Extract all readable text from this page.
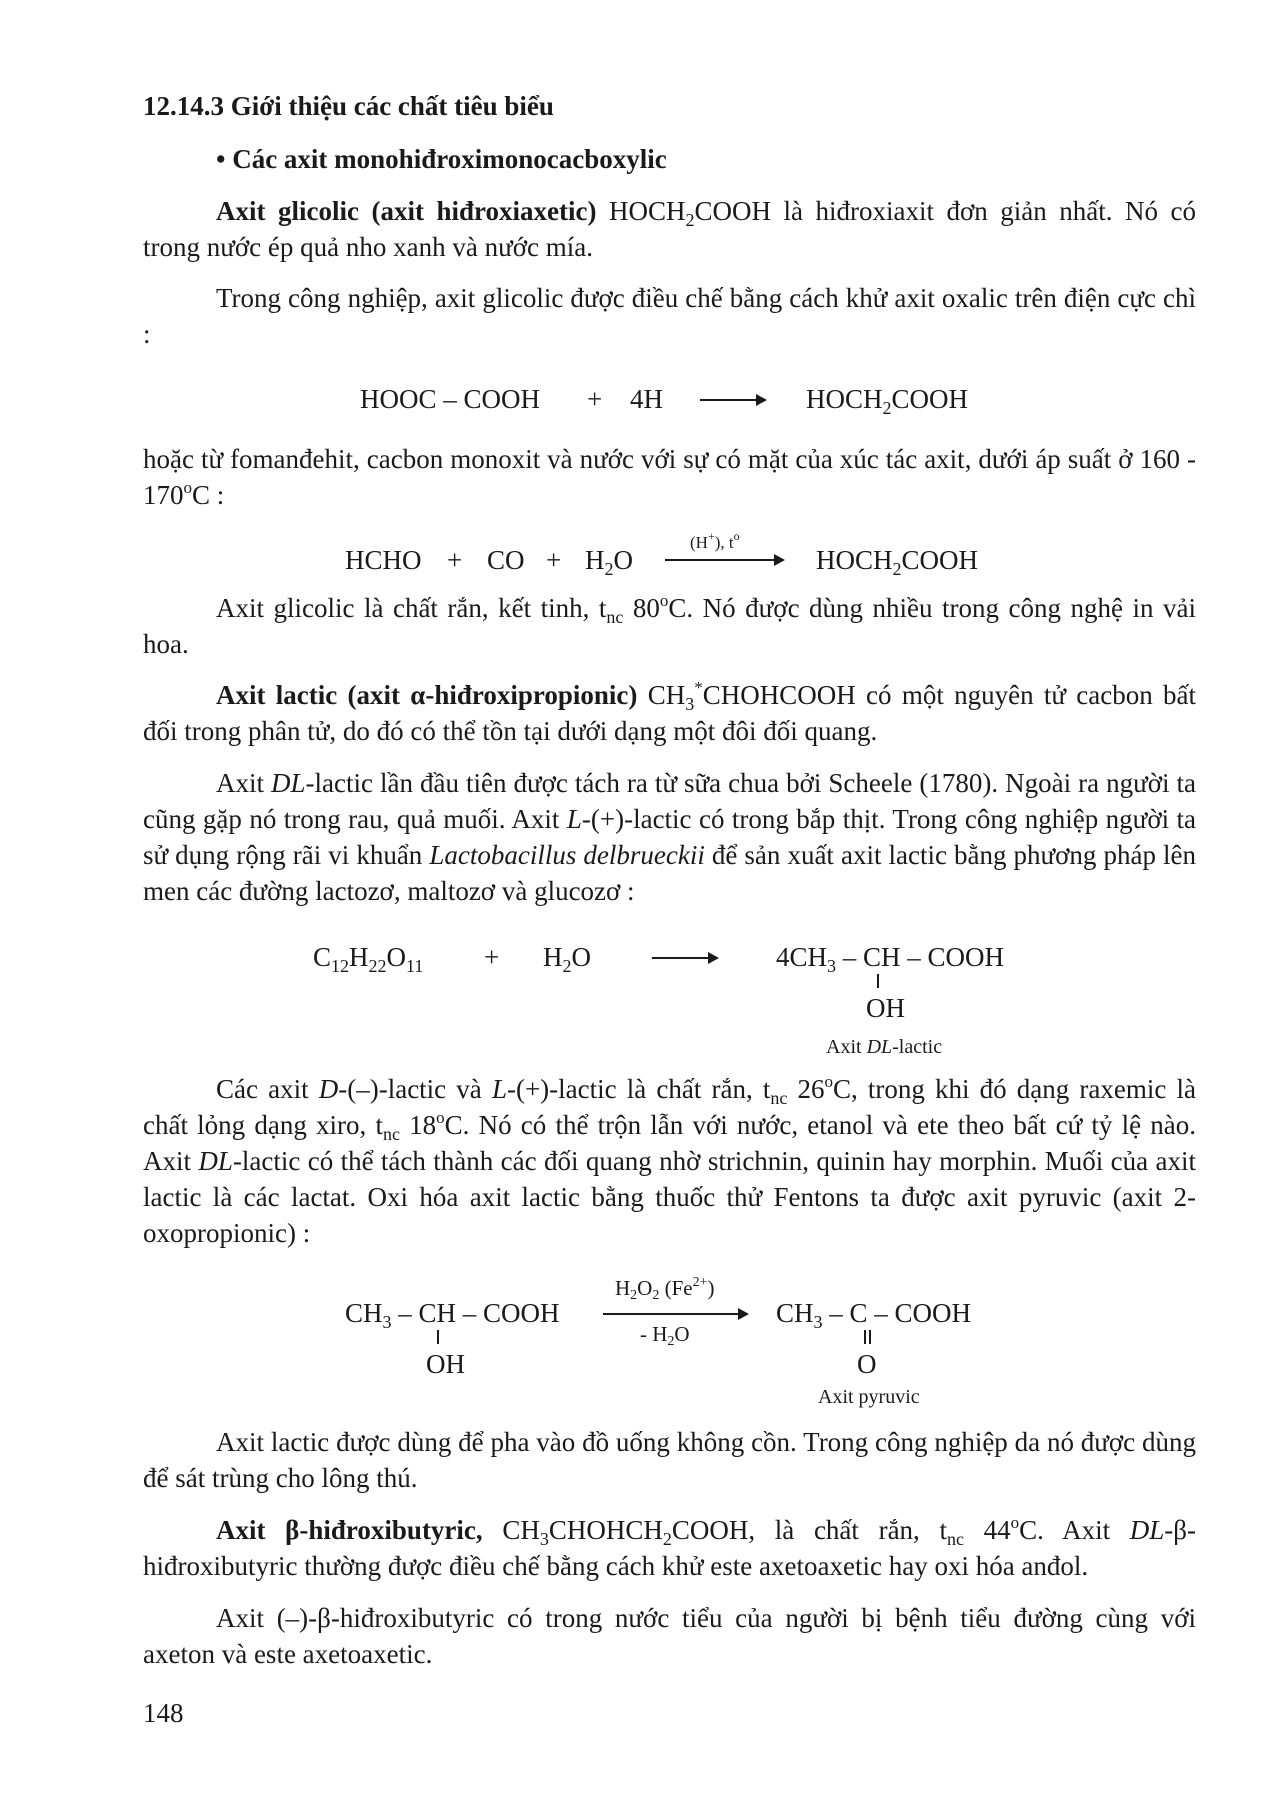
12.14.3 Giới thiệu các chất tiêu biểu
• Các axit monohiđroximonocacboxylic
Axit glicolic (axit hiđroxiaxetic) $HOCH_2COOH$ là hiđroxiaxit đơn giản nhất. Nó có trong nước ép quả nho xanh và nước mía.
Trong công nghiệp, axit glicolic được điều chế bằng cách khử axit oxalic trên điện cực chì :
HOOC – COOH + 4H	$HOCH_2COOH$
hoặc từ fomanđehit, cacbon monoxit và nước với sự có mặt của xúc tác axit, dưới áp suất ở 160 - 170$^o$C :
HCHO + CO + $H_2O$
(H+), $t^o$
$HOCH_2COOH$
Axit glicolic là chất rắn, kết tinh, $t_{nc}$ 80$^o$C. Nó được dùng nhiều trong công nghệ in vải hoa.
Axit lactic (axit α-hiđroxipropionic) $CH_3^*CHOHCOOH$ có một nguyên tử cacbon bất đối trong phân tử, do đó có thể tồn tại dưới dạng một đôi đối quang.
Axit DL-lactic lần đầu tiên được tách ra từ sữa chua bởi Scheele (1780). Ngoài ra người ta cũng gặp nó trong rau, quả muối. Axit L-(+)-lactic có trong bắp thịt. Trong công nghiệp người ta sử dụng rộng rãi vi khuẩn Lactobacillus delbrueckii để sản xuất axit lactic bằng phương pháp lên men các đường lactozơ, maltozơ và glucozơ :
$C_{12}H_{22}O_{11} + H_2O$	$4CH_3$ – CH – COOH
OH
Axit DL-lactic
Các axit D-(–)-lactic và L-(+)-lactic là chất rắn, $t_{nc}$ 26$^o$C, trong khi đó dạng raxemic là chất lỏng dạng xiro, $t_{nc}$ 18$^o$C. Nó có thể trộn lẫn với nước, etanol và ete theo bất cứ tỷ lệ nào. Axit DL-lactic có thể tách thành các đối quang nhờ strichnin, quinin hay morphin. Muối của axit lactic là các lactat. Oxi hóa axit lactic bằng thuốc thử Fentons ta được axit pyruvic (axit 2-oxopropionic) :
$CH_3$ – CH – COOH
OH
$H_2O_2$ $(Fe^{2+})$
- $H_2O$
$CH_3$ – C – COOH
O
Axit pyruvic
Axit lactic được dùng để pha vào đồ uống không cồn. Trong công nghiệp da nó được dùng để sát trùng cho lông thú.
Axit β-hiđroxibutyric, $CH_3CHOHCH_2COOH$, là chất rắn, $t_{nc}$ 44$^o$C. Axit DL-β-hiđroxibutyric thường được điều chế bằng cách khử este axetoaxetic hay oxi hóa anđol.
Axit (–)-β-hiđroxibutyric có trong nước tiểu của người bị bệnh tiểu đường cùng với axeton và este axetoaxetic.
148
